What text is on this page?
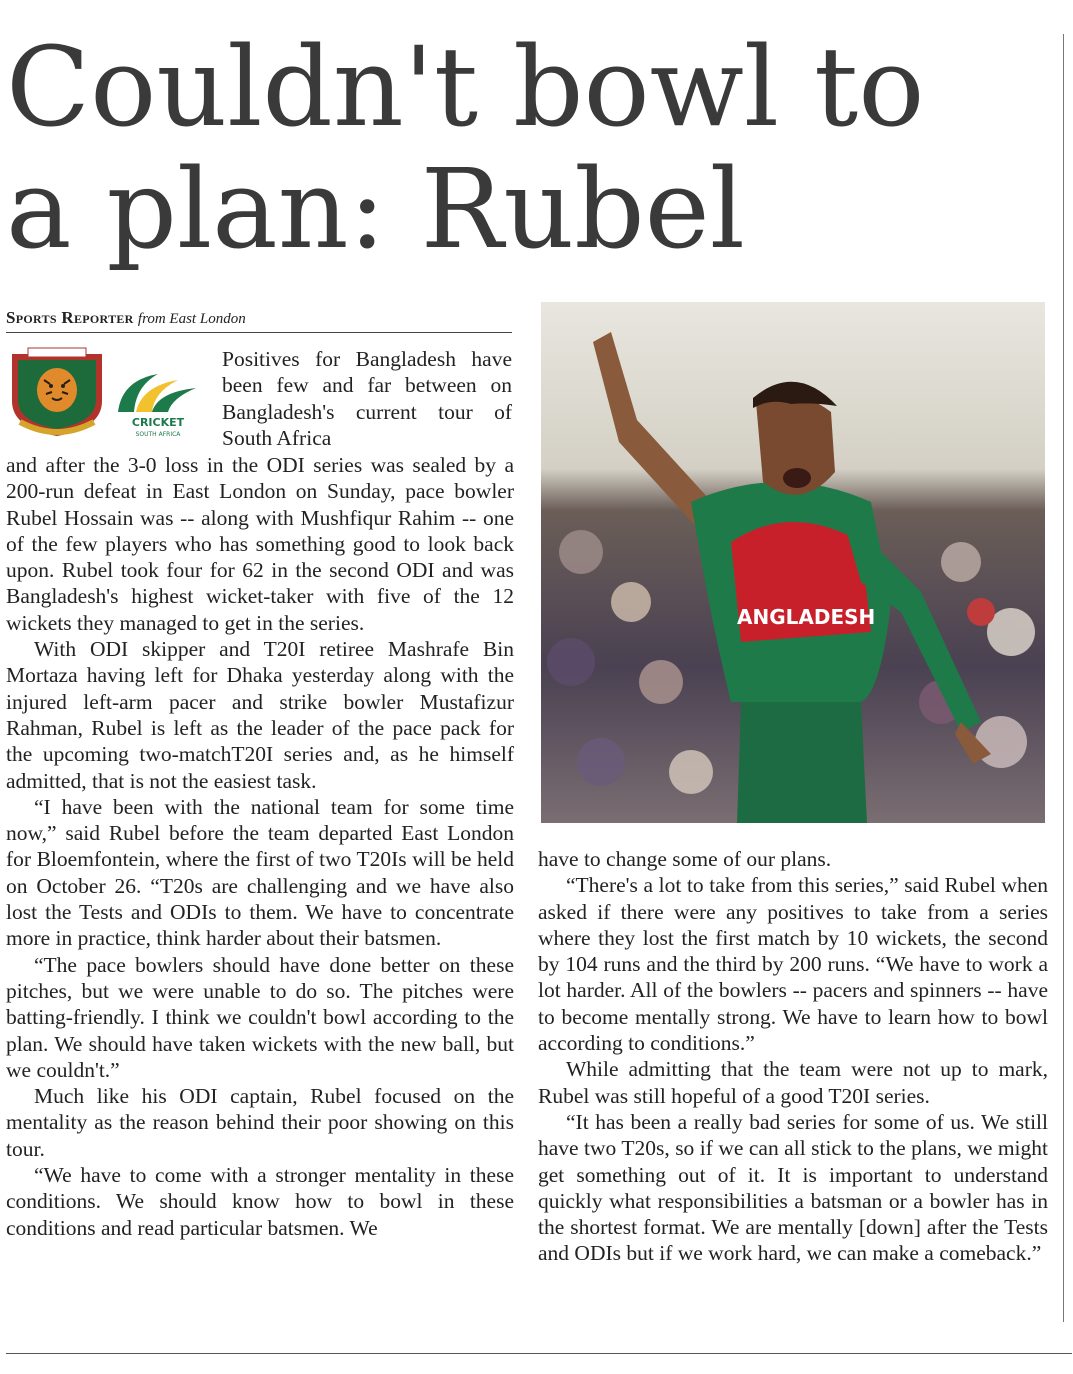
Couldn't bowl to
a plan: Rubel
Sports Reporter from East London
CRICKET
SOUTH AFRICA

Positives for Bangladesh have been few and far between on Bangladesh's current tour of South Africa

and after the 3-0 loss in the ODI series was sealed by a 200-run defeat in East London on Sunday, pace bowler Rubel Hossain was -- along with Mushfiqur Rahim -- one of the few players who has something good to look back upon. Rubel took four for 62 in the second ODI and was Bangladesh's highest wicket-taker with five of the 12 wickets they managed to get in the series.

With ODI skipper and T20I retiree Mashrafe Bin Mortaza having left for Dhaka yesterday along with the injured left-arm pacer and strike bowler Mustafizur Rahman, Rubel is left as the leader of the pace pack for the upcoming two-matchT20I series and, as he himself admitted, that is not the easiest task.

“I have been with the national team for some time now,” said Rubel before the team departed East London for Bloemfontein, where the first of two T20Is will be held on October 26. “T20s are challenging and we have also lost the Tests and ODIs to them. We have to concentrate more in practice, think harder about their batsmen.

“The pace bowlers should have done better on these pitches, but we were unable to do so. The pitches were batting-friendly. I think we couldn't bowl according to the plan. We should have taken wickets with the new ball, but we couldn't.”

Much like his ODI captain, Rubel focused on the mentality as the reason behind their poor showing on this tour.

“We have to come with a stronger mentality in these conditions. We should know how to bowl in these conditions and read particular batsmen. We

ANGLADESH

have to change some of our plans.

“There's a lot to take from this series,” said Rubel when asked if there were any positives to take from a series where they lost the first match by 10 wickets, the second by 104 runs and the third by 200 runs. “We have to work a lot harder. All of the bowlers -- pacers and spinners -- have to become mentally strong. We have to learn how to bowl according to conditions.”

While admitting that the team were not up to mark, Rubel was still hopeful of a good T20I series.

“It has been a really bad series for some of us. We still have two T20s, so if we can all stick to the plans, we might get something out of it. It is important to understand quickly what responsibilities a batsman or a bowler has in the shortest format. We are mentally [down] after the Tests and ODIs but if we work hard, we can make a comeback.”
